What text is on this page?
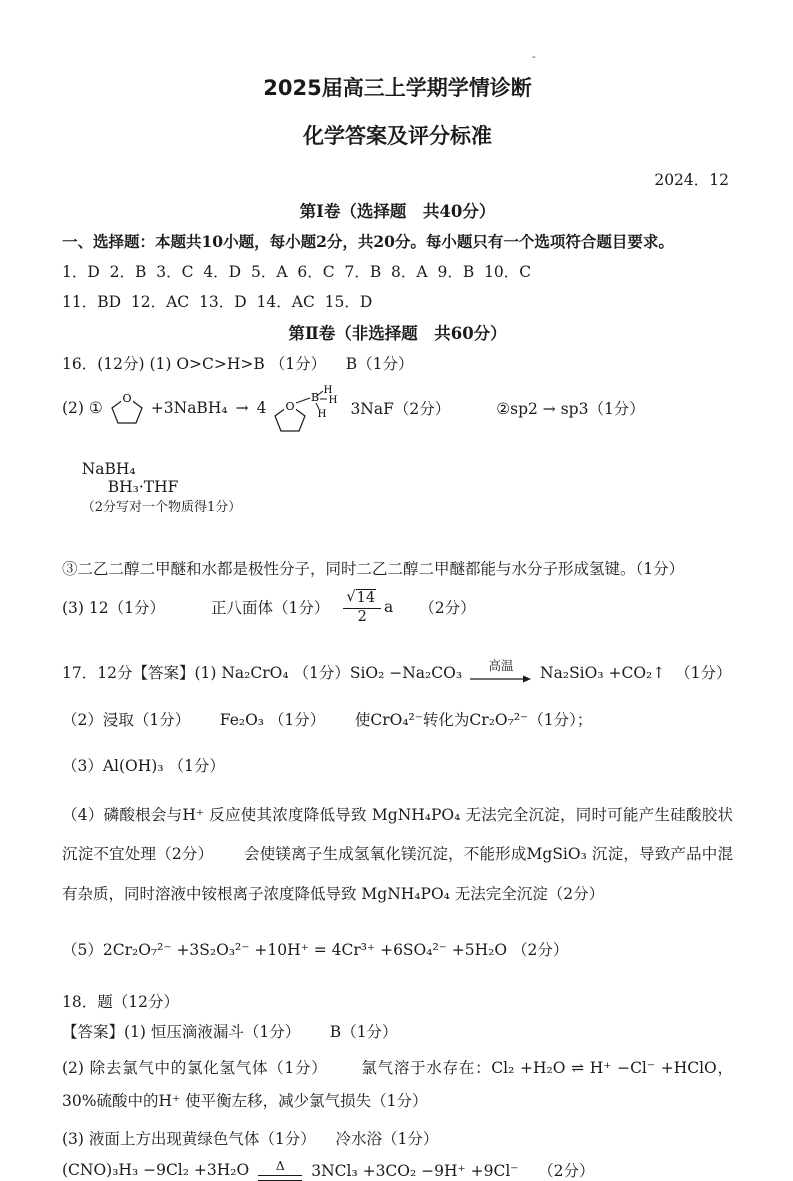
-
2025届高三上学期学情诊断
化学答案及评分标准
2024．12
第Ⅰ卷（选择题　共40分）
一、选择题：本题共10小题，每小题2分，共20分。每小题只有一个选项符合题目要求。
1．D  2．B  3．C  4．D  5．A  6．C  7．B  8．A  9．B  10．C
11．BD  12．AC  13．D  14．AC  15．D
第Ⅱ卷（非选择题　共60分）
16．(12分) (1) O>C>H>B （1分）    B（1分）
(2) ①
O
+3NaBH₄ → 4 O
B
H
H
H 3NaF（2分）	②sp2 → sp3（1分）

NaBH₄
BH₃·THF
（2分写对一个物质得1分）

③二乙二醇二甲醚和水都是极性分子，同时二乙二醇二甲醚都能与水分子形成氢键。（1分）
(3) 12（1分）	正八面体（1分） $\frac{√ 14}{2}$ a （2分）
17．12分【答案】(1) Na₂CrO₄ （1分）SiO₂ −Na₂CO₃ 高温 Na₂SiO₃ +CO₂↑  （1分）
（2）浸取（1分）      Fe₂O₃ （1分）      使CrO₄²⁻转化为Cr₂O₇²⁻（1分）；
（3）Al(OH)₃ （1分）
（4）磷酸根会与H⁺ 反应使其浓度降低导致 MgNH₄PO₄ 无法完全沉淀，同时可能产生硅酸胶状沉淀不宜处理（2分）      会使镁离子生成氢氧化镁沉淀，不能形成MgSiO₃ 沉淀，导致产品中混有杂质，同时溶液中铵根离子浓度降低导致 MgNH₄PO₄ 无法完全沉淀（2分）
（5）2Cr₂O₇²⁻ +3S₂O₃²⁻ +10H⁺ = 4Cr³⁺ +6SO₄²⁻ +5H₂O （2分）
18．题（12分）
【答案】(1) 恒压滴液漏斗（1分）      B（1分）
(2) 除去氯气中的氯化氢气体（1分）      氯气溶于水存在：Cl₂ +H₂O ⇌ H⁺ −Cl⁻ +HClO，30%硫酸中的H⁺ 使平衡左移，减少氯气损失（1分）
(3) 液面上方出现黄绿色气体（1分）    冷水浴（1分）
(CNO)₃H₃ −9Cl₂ +3H₂O Δ 3NCl₃ +3CO₂ −9H⁺ +9Cl⁻    （2分）
